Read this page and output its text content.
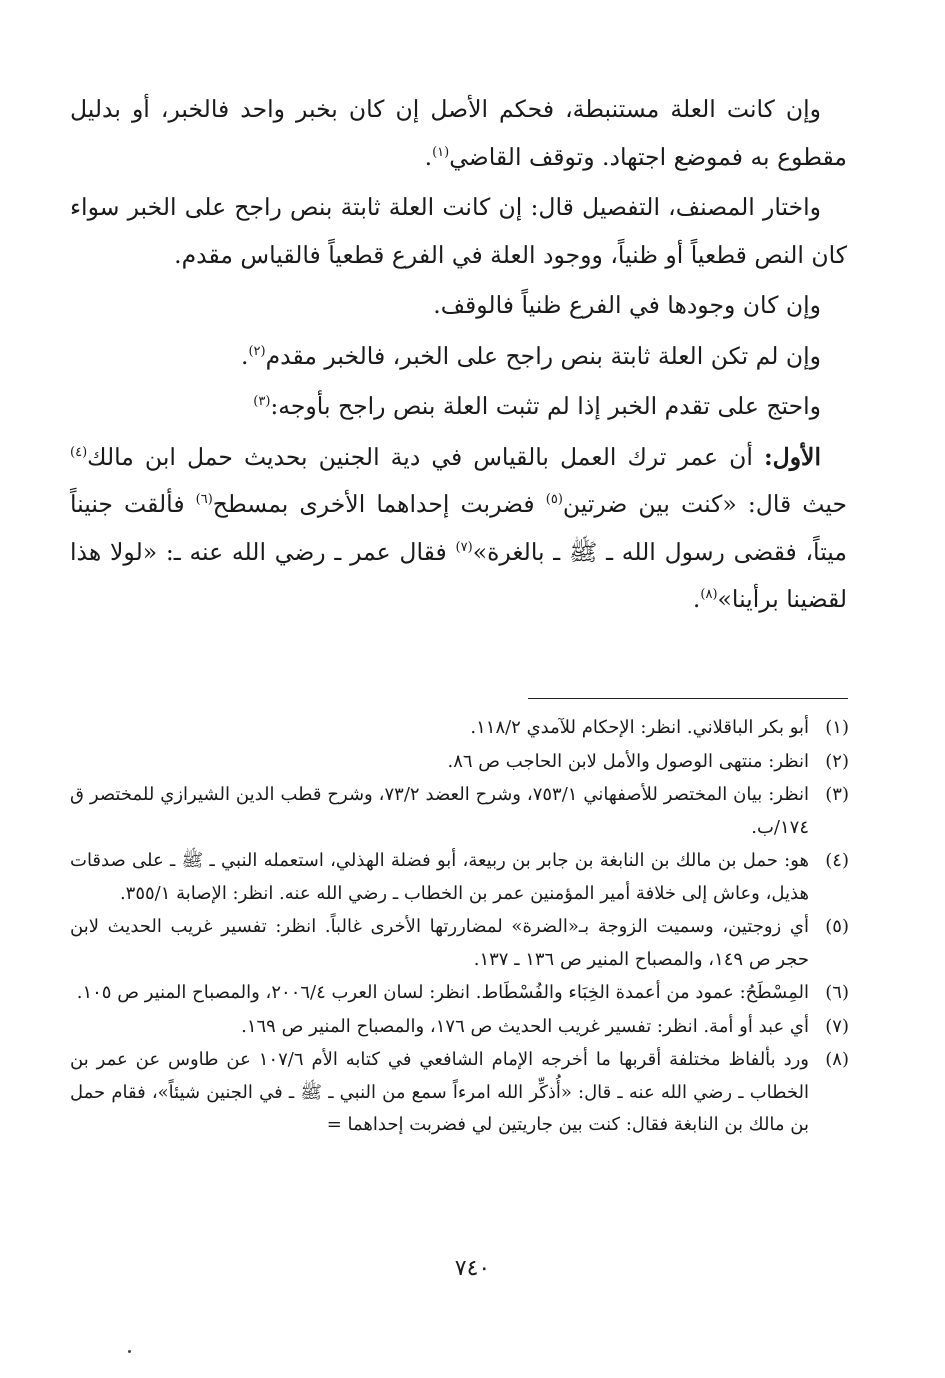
وإن كانت العلة مستنبطة، فحكم الأصل إن كان بخبر واحد فالخبر، أو بدليل مقطوع به فموضع اجتهاد. وتوقف القاضي$^{(١)}$.

واختار المصنف، التفصيل قال: إن كانت العلة ثابتة بنص راجح على الخبر سواء كان النص قطعياً أو ظنياً، ووجود العلة في الفرع قطعياً فالقياس مقدم.

وإن كان وجودها في الفرع ظنياً فالوقف.

وإن لم تكن العلة ثابتة بنص راجح على الخبر، فالخبر مقدم$^{(٢)}$.

واحتج على تقدم الخبر إذا لم تثبت العلة بنص راجح بأوجه:$^{(٣)}$

الأول: أن عمر ترك العمل بالقياس في دية الجنين بحديث حمل ابن مالك$^{(٤)}$ حيث قال: «كنت بين ضرتين$^{(٥)}$ فضربت إحداهما الأخرى بمسطح$^{(٦)}$ فألقت جنيناً ميتاً، فقضى رسول الله ـ ﷺ ـ بالغرة»$^{(٧)}$ فقال عمر ـ رضي الله عنه ـ: «لولا هذا لقضينا برأينا»$^{(٨)}$.

(١)
أبو بكر الباقلاني. انظر: الإحكام للآمدي ١١٨/٢.
(٢)
انظر: منتهى الوصول والأمل لابن الحاجب ص ٨٦.
(٣)
انظر: بيان المختصر للأصفهاني ٧٥٣/١، وشرح العضد ٧٣/٢، وشرح قطب الدين الشيرازي للمختصر ق ١٧٤/ب.
(٤)
هو: حمل بن مالك بن النابغة بن جابر بن ربيعة، أبو فضلة الهذلي، استعمله النبي ـ ﷺ ـ على صدقات هذيل، وعاش إلى خلافة أمير المؤمنين عمر بن الخطاب ـ رضي الله عنه. انظر: الإصابة ٣٥٥/١.
(٥)
أي زوجتين، وسميت الزوجة بـ«الضرة» لمضاررتها الأخرى غالباً. انظر: تفسير غريب الحديث لابن حجر ص ١٤٩، والمصباح المنير ص ١٣٦ ـ ١٣٧.
(٦)
المِسْطَحُ: عمود من أعمدة الخِبَاء والفُسْطَاط. انظر: لسان العرب ٢٠٠٦/٤، والمصباح المنير ص ١٠٥.
(٧)
أي عبد أو أمة. انظر: تفسير غريب الحديث ص ١٧٦، والمصباح المنير ص ١٦٩.
(٨)
ورد بألفاظ مختلفة أقربها ما أخرجه الإمام الشافعي في كتابه الأم ١٠٧/٦ عن طاوس عن عمر بن الخطاب ـ رضي الله عنه ـ قال: «أُذكِّر الله امرءاً سمع من النبي ـ ﷺ ـ في الجنين شيئاً»، فقام حمل بن مالك بن النابغة فقال: كنت بين جاريتين لي فضربت إحداهما =
٧٤٠
